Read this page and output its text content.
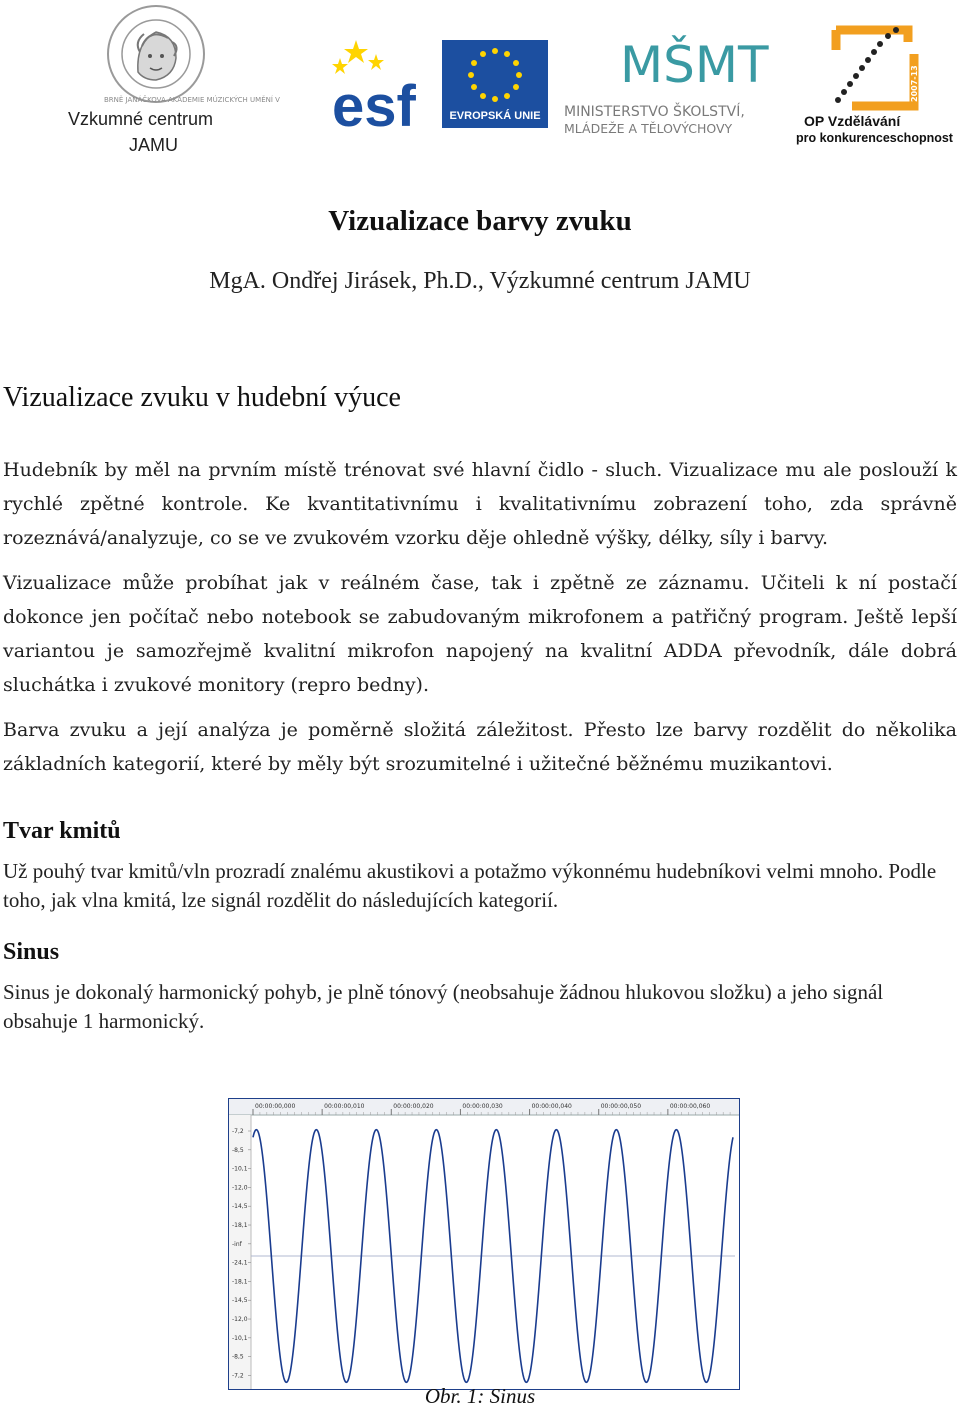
BRNĚ JANÁČKOVA AKADEMIE MÚZICKÝCH UMĚNÍ V
Vzkumné centrum
JAMU
esf	EVROPSKÁ UNIE
MŠMT
MINISTERSTVO ŠKOLSTVÍ,
MLÁDEŽE A TĚLOVÝCHOVY
2007-13
OP Vzdělávání
pro konkurenceschopnost
Vizualizace barvy zvuku
MgA. Ondřej Jirásek, Ph.D., Výzkumné centrum JAMU
Vizualizace zvuku v hudební výuce
Hudebník by měl na prvním místě trénovat své hlavní čidlo - sluch. Vizualizace mu ale poslouží k rychlé zpětné kontrole. Ke kvantitativnímu i kvalitativnímu zobrazení toho, zda správně rozeznává/analyzuje, co se ve zvukovém vzorku děje ohledně výšky, délky, síly i barvy.
Vizualizace může probíhat jak v reálném čase, tak i zpětně ze záznamu. Učiteli k ní postačí dokonce jen počítač nebo notebook se zabudovaným mikrofonem a patřičný program. Ještě lepší variantou je samozřejmě kvalitní mikrofon napojený na kvalitní ADDA převodník, dále dobrá sluchátka i zvukové monitory (repro bedny).
Barva zvuku a její analýza je poměrně složitá záležitost. Přesto lze barvy rozdělit do několika základních kategorií, které by měly být srozumitelné i užitečné běžnému muzikantovi.
Tvar kmitů
Už pouhý tvar kmitů/vln prozradí znalému akustikovi a potažmo výkonnému hudebníkovi velmi mnoho. Podle toho, jak vlna kmitá, lze signál rozdělit do následujících kategorií.
Sinus
Sinus je dokonalý harmonický pohyb, je plně tónový (neobsahuje žádnou hlukovou složku) a jeho signál obsahuje 1 harmonický.
00:00:00,000	00:00:00,010	00:00:00,020	00:00:00,030	00:00:00,040	00:00:00,050	00:00:00,060
-7,2
-8,5
-10,1
-12,0
-14,5
-18,1
-inf
-24,1
-18,1
-14,5
-12,0
-10,1
-8,5
-7,2
Obr. 1: Sinus
